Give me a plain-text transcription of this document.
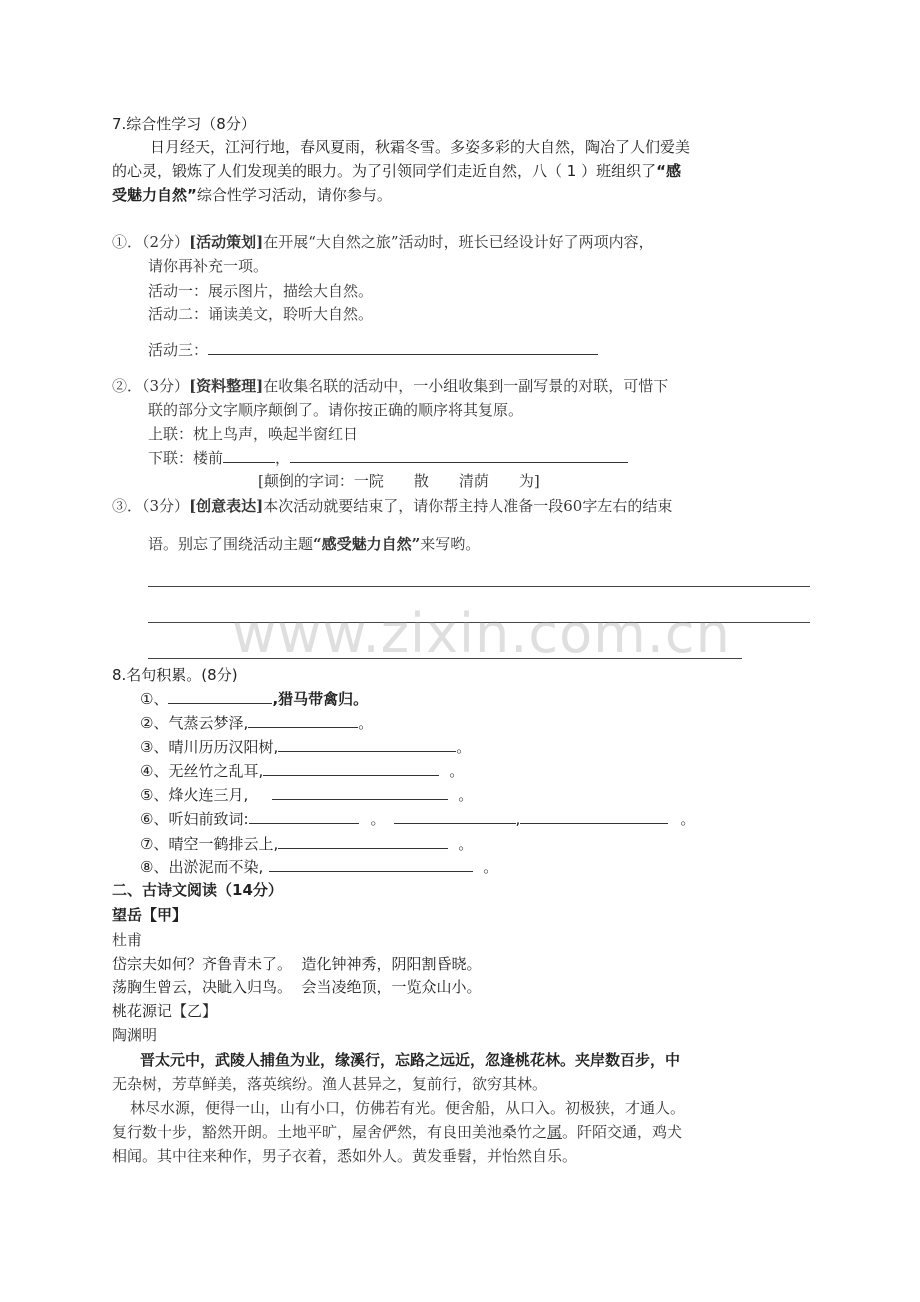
7.综合性学习（8分）
日月经天，江河行地，春风夏雨，秋霜冬雪。多姿多彩的大自然，陶冶了人们爱美
的心灵，锻炼了人们发现美的眼力。为了引领同学们走近自然，八（ 1 ）班组织了“感
受魅力自然”综合性学习活动，请你参与。
①．（2分）[活动策划]在开展“大自然之旅”活动时，班长已经设计好了两项内容，
请你再补充一项。
活动一：展示图片，描绘大自然。
活动二：诵读美文，聆听大自然。
活动三：
②．（3分）[资料整理]在收集名联的活动中，一小组收集到一副写景的对联，可惜下
联的部分文字顺序颠倒了。请你按正确的顺序将其复原。
上联：枕上鸟声，唤起半窗红日
下联：楼前	，
[颠倒的字词：一院　　散　　清荫　　为]
③．（3分）[创意表达]本次活动就要结束了，请你帮主持人准备一段60字左右的结束
语。别忘了围绕活动主题“感受魅力自然”来写哟。
www.zixin.com.cn
8.名句积累。(8分)
①、	,猎马带禽归。
②、气蒸云梦泽,	。
③、晴川历历汉阳树,	。
④、无丝竹之乱耳,	。
⑤、烽火连三月,	。
⑥、听妇前致词:	。	,	。
⑦、晴空一鹤排云上,	。
⑧、出淤泥而不染,	。
二、古诗文阅读（14分）
望岳【甲】
杜甫
岱宗夫如何？齐鲁青未了。  造化钟神秀，阴阳割昏晓。
荡胸生曾云，决眦入归鸟。  会当凌绝顶，一览众山小。
桃花源记【乙】
陶渊明
晋太元中，武陵人捕鱼为业，缘溪行，忘路之远近，忽逢桃花林。夹岸数百步，中
无杂树，芳草鲜美，落英缤纷。渔人甚异之，复前行，欲穷其林。
林尽水源，便得一山，山有小口，仿佛若有光。便舍船，从口入。初极狭，才通人。
复行数十步，豁然开朗。土地平旷，屋舍俨然，有良田美池桑竹之属。阡陌交通，鸡犬
相闻。其中往来种作，男子衣着，悉如外人。黄发垂髫，并怡然自乐。
